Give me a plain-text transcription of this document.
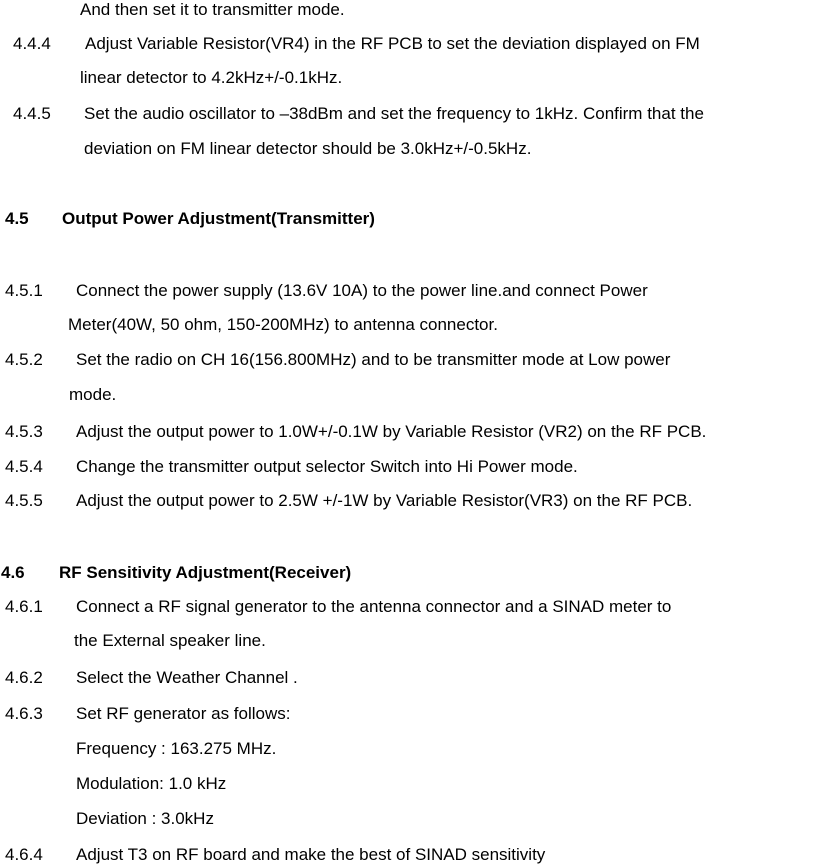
And then set it to transmitter mode.
4.4.4 Adjust Variable Resistor(VR4) in the RF PCB to set the deviation displayed on FM
linear detector to 4.2kHz+/-0.1kHz.
4.4.5 Set the audio oscillator to –38dBm and set the frequency to 1kHz. Confirm that the
deviation on FM linear detector should be 3.0kHz+/-0.5kHz.
4.5 Output Power Adjustment(Transmitter)
4.5.1 Connect the power supply (13.6V 10A) to the power line.and connect Power
Meter(40W, 50 ohm, 150-200MHz) to antenna connector.
4.5.2 Set the radio on CH 16(156.800MHz) and to be transmitter mode at Low power
mode.
4.5.3 Adjust the output power to 1.0W+/-0.1W by Variable Resistor (VR2) on the RF PCB.
4.5.4 Change the transmitter output selector Switch into Hi Power mode.
4.5.5 Adjust the output power to 2.5W +/-1W by Variable Resistor(VR3) on the RF PCB.
4.6 RF Sensitivity Adjustment(Receiver)
4.6.1 Connect a RF signal generator to the antenna connector and a SINAD meter to
the External speaker line.
4.6.2 Select the Weather Channel .
4.6.3 Set RF generator as follows:
Frequency : 163.275 MHz.
Modulation: 1.0 kHz
Deviation : 3.0kHz
4.6.4 Adjust T3 on RF board and make the best of SINAD sensitivity
